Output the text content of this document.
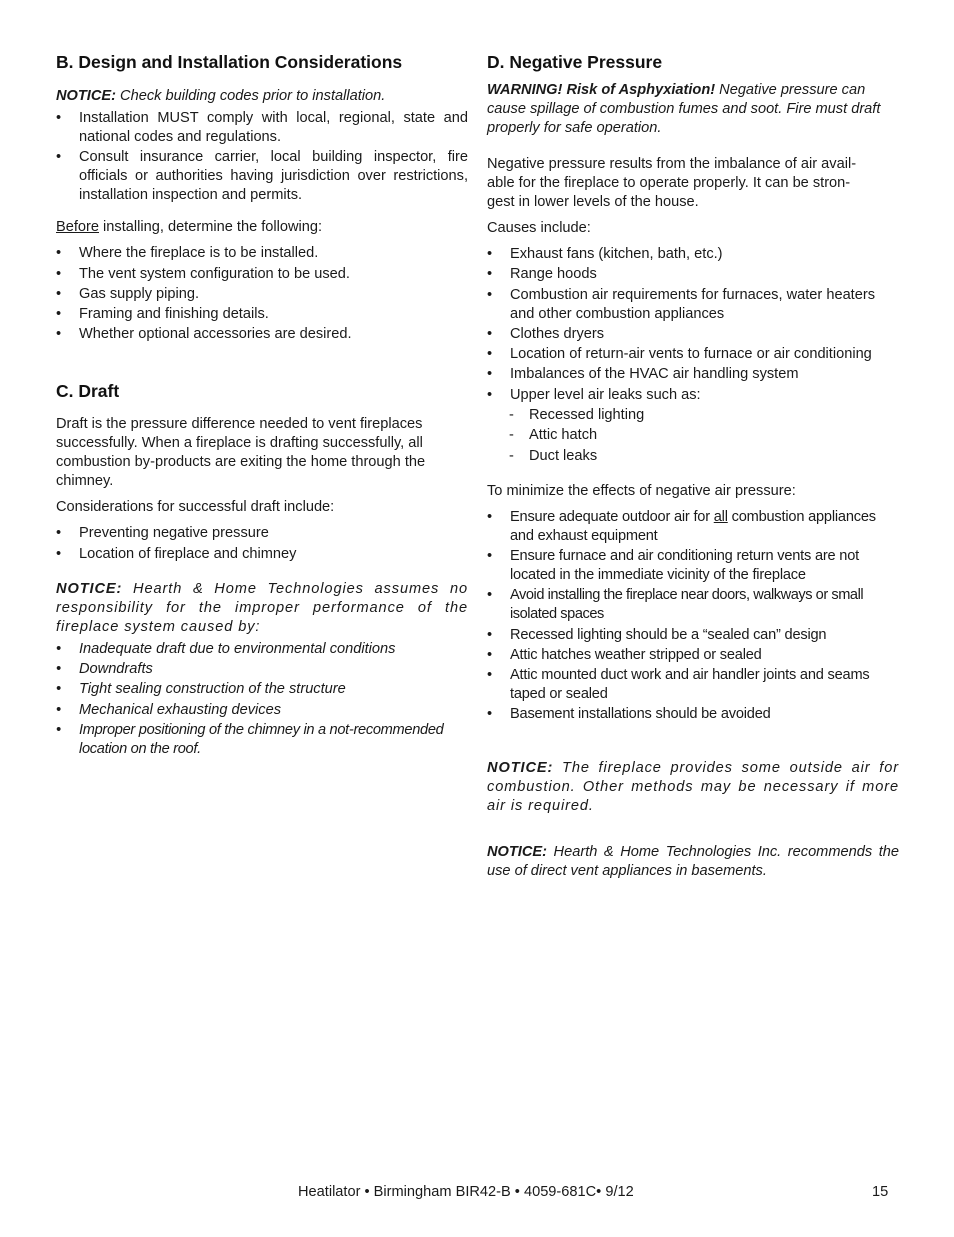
B. Design and Installation Considerations

NOTICE: Check building codes prior to installation.

• Installation MUST comply with local, regional, state and national codes and regulations.
• Consult insurance carrier, local building inspector, fire officials or authorities having jurisdiction over restrictions, installation inspection and permits.

Before installing, determine the following:

• Where the fireplace is to be installed.
• The vent system configuration to be used.
• Gas supply piping.
• Framing and finishing details.
• Whether optional accessories are desired.
C. Draft

Draft is the pressure difference needed to vent fireplaces successfully. When a fireplace is drafting successfully, all combustion by-products are exiting the home through the chimney.

Considerations for successful draft include:

• Preventing negative pressure
• Location of fireplace and chimney

NOTICE: Hearth & Home Technologies assumes no responsibility for the improper performance of the fireplace system caused by:

• Inadequate draft due to environmental conditions
• Downdrafts
• Tight sealing construction of the structure
• Mechanical exhausting devices
• Improper positioning of the chimney in a not-recommended location on the roof.
D. Negative Pressure

WARNING! Risk of Asphyxiation! Negative pressure can cause spillage of combustion fumes and soot. Fire must draft properly for safe operation.

Negative pressure results from the imbalance of air avail-
able for the fireplace to operate properly. It can be stron-
gest in lower levels of the house.

Causes include:

• Exhaust fans (kitchen, bath, etc.)
• Range hoods
• Combustion air requirements for furnaces, water heaters and other combustion appliances
• Clothes dryers
• Location of return-air vents to furnace or air conditioning
• Imbalances of the HVAC air handling system
• Upper level air leaks such as:
- Recessed lighting
- Attic hatch
- Duct leaks

To minimize the effects of negative air pressure:

• Ensure adequate outdoor air for all combustion appliances and exhaust equipment
• Ensure furnace and air conditioning return vents are not located in the immediate vicinity of the fireplace
• Avoid installing the fireplace near doors, walkways or small isolated spaces
• Recessed lighting should be a “sealed can” design
• Attic hatches weather stripped or sealed
• Attic mounted duct work and air handler joints and seams taped or sealed
• Basement installations should be avoided

NOTICE: The fireplace provides some outside air for combustion. Other methods may be necessary if more air is required.

NOTICE: Hearth & Home Technologies Inc. recommends the use of direct vent appliances in basements.

Heatilator • Birmingham BIR42-B • 4059-681C• 9/12	15
